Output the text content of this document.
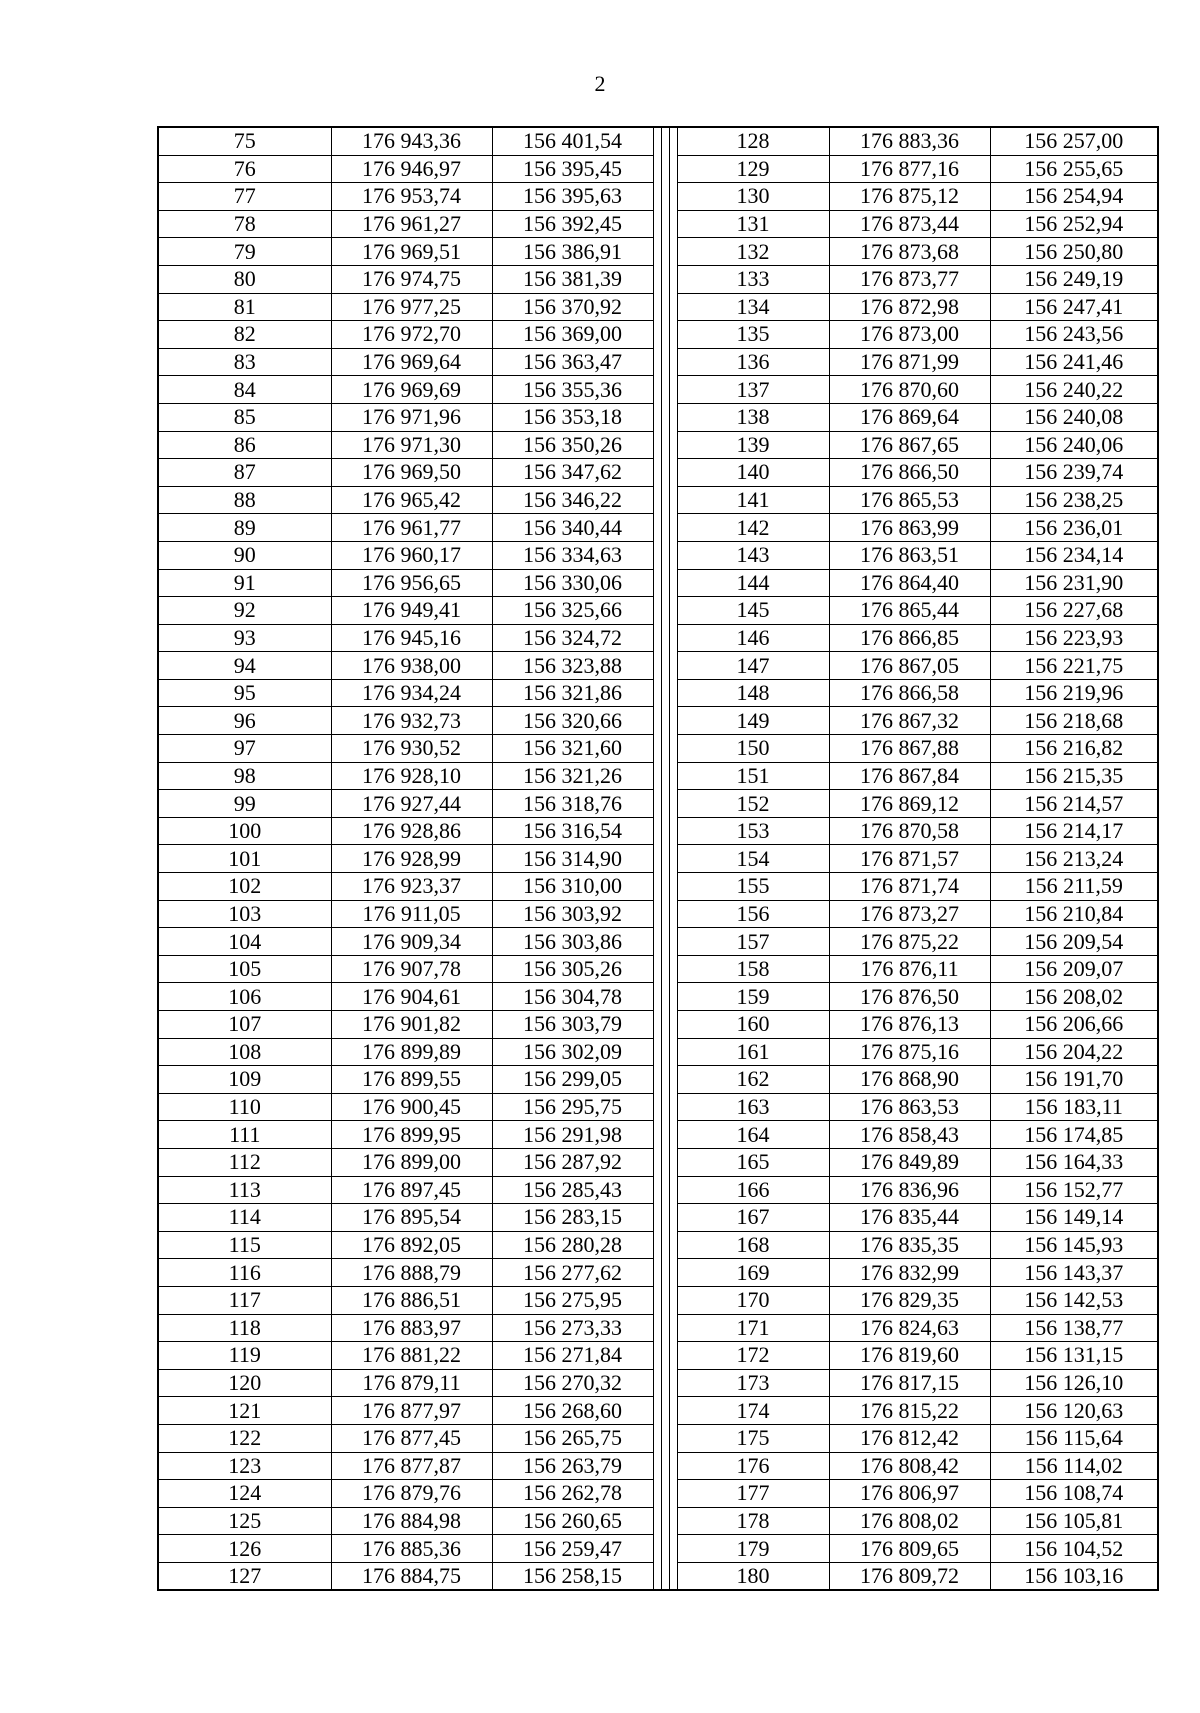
2
75	176 943,36	156 401,54				128	176 883,36	156 257,00
76	176 946,97	156 395,45				129	176 877,16	156 255,65
77	176 953,74	156 395,63				130	176 875,12	156 254,94
78	176 961,27	156 392,45				131	176 873,44	156 252,94
79	176 969,51	156 386,91				132	176 873,68	156 250,80
80	176 974,75	156 381,39				133	176 873,77	156 249,19
81	176 977,25	156 370,92				134	176 872,98	156 247,41
82	176 972,70	156 369,00				135	176 873,00	156 243,56
83	176 969,64	156 363,47				136	176 871,99	156 241,46
84	176 969,69	156 355,36				137	176 870,60	156 240,22
85	176 971,96	156 353,18				138	176 869,64	156 240,08
86	176 971,30	156 350,26				139	176 867,65	156 240,06
87	176 969,50	156 347,62				140	176 866,50	156 239,74
88	176 965,42	156 346,22				141	176 865,53	156 238,25
89	176 961,77	156 340,44				142	176 863,99	156 236,01
90	176 960,17	156 334,63				143	176 863,51	156 234,14
91	176 956,65	156 330,06				144	176 864,40	156 231,90
92	176 949,41	156 325,66				145	176 865,44	156 227,68
93	176 945,16	156 324,72				146	176 866,85	156 223,93
94	176 938,00	156 323,88				147	176 867,05	156 221,75
95	176 934,24	156 321,86				148	176 866,58	156 219,96
96	176 932,73	156 320,66				149	176 867,32	156 218,68
97	176 930,52	156 321,60				150	176 867,88	156 216,82
98	176 928,10	156 321,26				151	176 867,84	156 215,35
99	176 927,44	156 318,76				152	176 869,12	156 214,57
100	176 928,86	156 316,54				153	176 870,58	156 214,17
101	176 928,99	156 314,90				154	176 871,57	156 213,24
102	176 923,37	156 310,00				155	176 871,74	156 211,59
103	176 911,05	156 303,92				156	176 873,27	156 210,84
104	176 909,34	156 303,86				157	176 875,22	156 209,54
105	176 907,78	156 305,26				158	176 876,11	156 209,07
106	176 904,61	156 304,78				159	176 876,50	156 208,02
107	176 901,82	156 303,79				160	176 876,13	156 206,66
108	176 899,89	156 302,09				161	176 875,16	156 204,22
109	176 899,55	156 299,05				162	176 868,90	156 191,70
110	176 900,45	156 295,75				163	176 863,53	156 183,11
111	176 899,95	156 291,98				164	176 858,43	156 174,85
112	176 899,00	156 287,92				165	176 849,89	156 164,33
113	176 897,45	156 285,43				166	176 836,96	156 152,77
114	176 895,54	156 283,15				167	176 835,44	156 149,14
115	176 892,05	156 280,28				168	176 835,35	156 145,93
116	176 888,79	156 277,62				169	176 832,99	156 143,37
117	176 886,51	156 275,95				170	176 829,35	156 142,53
118	176 883,97	156 273,33				171	176 824,63	156 138,77
119	176 881,22	156 271,84				172	176 819,60	156 131,15
120	176 879,11	156 270,32				173	176 817,15	156 126,10
121	176 877,97	156 268,60				174	176 815,22	156 120,63
122	176 877,45	156 265,75				175	176 812,42	156 115,64
123	176 877,87	156 263,79				176	176 808,42	156 114,02
124	176 879,76	156 262,78				177	176 806,97	156 108,74
125	176 884,98	156 260,65				178	176 808,02	156 105,81
126	176 885,36	156 259,47				179	176 809,65	156 104,52
127	176 884,75	156 258,15				180	176 809,72	156 103,16
